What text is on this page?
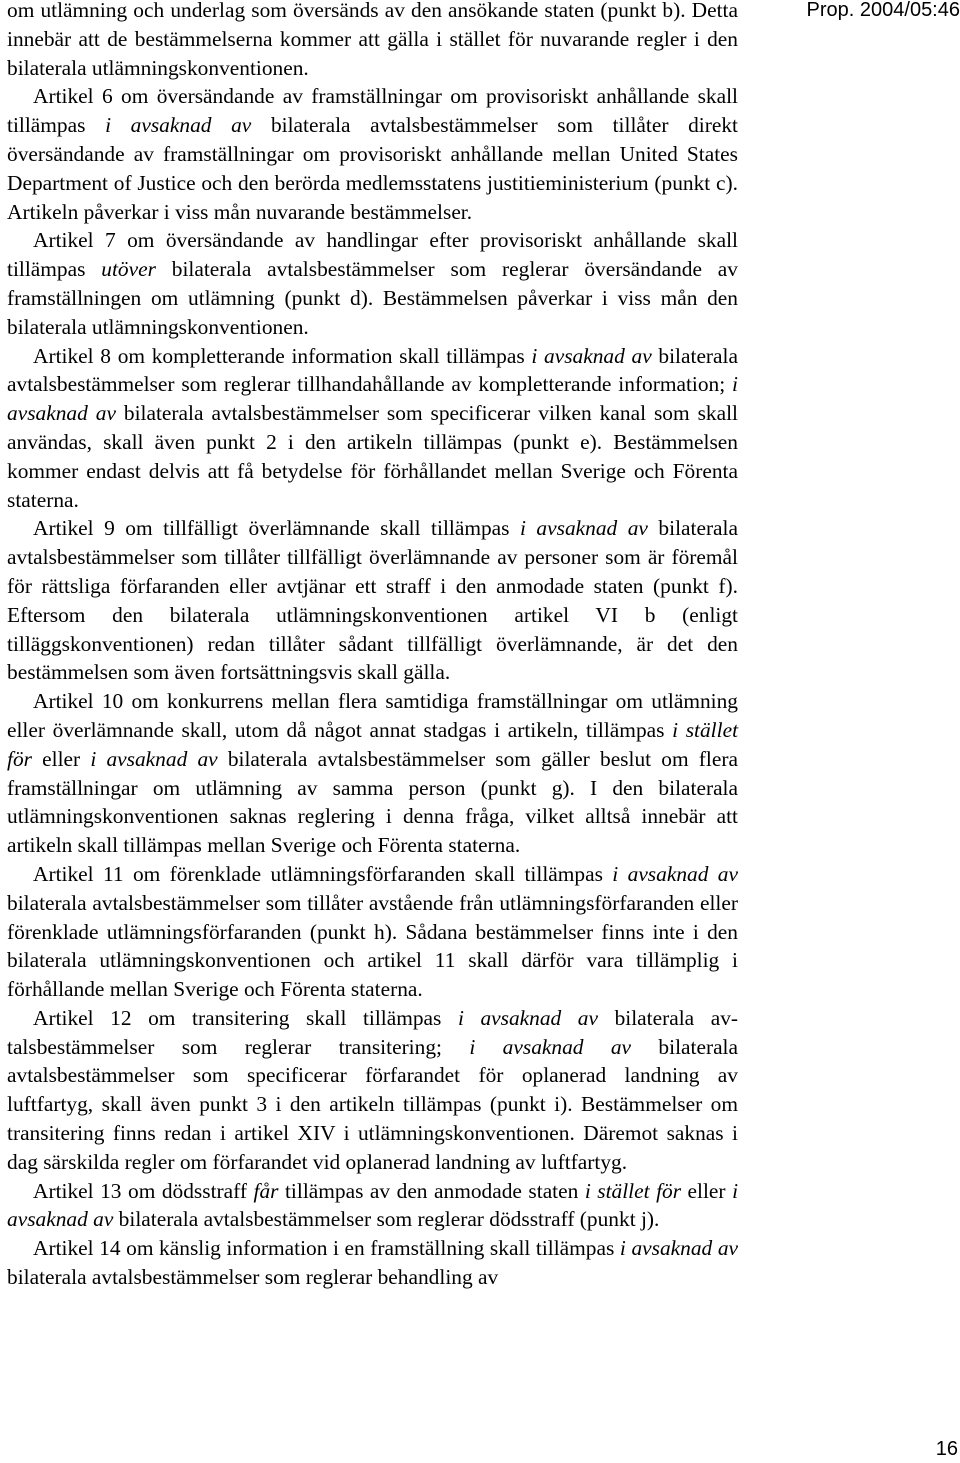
om utlämning och underlag som översänds av den ansökande staten (punkt b). Detta innebär att de bestämmelserna kommer att gälla i stället för nuvarande regler i den bilaterala utlämningskonventionen.

Artikel 6 om översändande av framställningar om provisoriskt anhållande skall tillämpas i avsaknad av bilaterala avtalsbestämmelser som tillåter direkt översändande av framställningar om provisoriskt anhållande mellan United States Department of Justice och den berörda medlemsstatens justitieministerium (punkt c). Artikeln påverkar i viss mån nuvarande bestämmelser.

Artikel 7 om översändande av handlingar efter provisoriskt anhållande skall tillämpas utöver bilaterala avtalsbestämmelser som reglerar översändande av framställningen om utlämning (punkt d). Bestämmelsen påverkar i viss mån den bilaterala utlämningskonventionen.

Artikel 8 om kompletterande information skall tillämpas i avsaknad av bilaterala avtalsbestämmelser som reglerar tillhandahållande av kompletterande information; i avsaknad av bilaterala avtalsbestämmelser som specificerar vilken kanal som skall användas, skall även punkt 2 i den artikeln tillämpas (punkt e). Bestämmelsen kommer endast delvis att få betydelse för förhållandet mellan Sverige och Förenta staterna.

Artikel 9 om tillfälligt överlämnande skall tillämpas i avsaknad av bilaterala avtalsbestämmelser som tillåter tillfälligt överlämnande av personer som är föremål för rättsliga förfaranden eller avtjänar ett straff i den anmodade staten (punkt f). Eftersom den bilaterala utlämningskonventionen artikel VI b (enligt tilläggskonventionen) redan tillåter sådant tillfälligt överlämnande, är det den bestämmelsen som även fortsättningsvis skall gälla.

Artikel 10 om konkurrens mellan flera samtidiga framställningar om utlämning eller överlämnande skall, utom då något annat stadgas i artikeln, tillämpas i stället för eller i avsaknad av bilaterala avtalsbestämmelser som gäller beslut om flera framställningar om utlämning av samma person (punkt g). I den bilaterala utlämningskonventionen saknas reglering i denna fråga, vilket alltså innebär att artikeln skall tillämpas mellan Sverige och Förenta staterna.

Artikel 11 om förenklade utlämningsförfaranden skall tillämpas i avsaknad av bilaterala avtalsbestämmelser som tillåter avstående från utlämningsförfaranden eller förenklade utlämningsförfaranden (punkt h). Sådana bestämmelser finns inte i den bilaterala utlämningskonventionen och artikel 11 skall därför vara tillämplig i förhållande mellan Sverige och Förenta staterna.

Artikel 12 om transitering skall tillämpas i avsaknad av bilaterala avtalsbestämmelser som reglerar transitering; i avsaknad av bilaterala avtalsbestämmelser som specificerar förfarandet för oplanerad landning av luftfartyg, skall även punkt 3 i den artikeln tillämpas (punkt i). Bestämmelser om transitering finns redan i artikel XIV i utlämningskonventionen. Däremot saknas i dag särskilda regler om förfarandet vid oplanerad landning av luftfartyg.

Artikel 13 om dödsstraff får tillämpas av den anmodade staten i stället för eller i avsaknad av bilaterala avtalsbestämmelser som reglerar dödsstraff (punkt j).

Artikel 14 om känslig information i en framställning skall tillämpas i avsaknad av bilaterala avtalsbestämmelser som reglerar behandling av

Prop. 2004/05:46
16
